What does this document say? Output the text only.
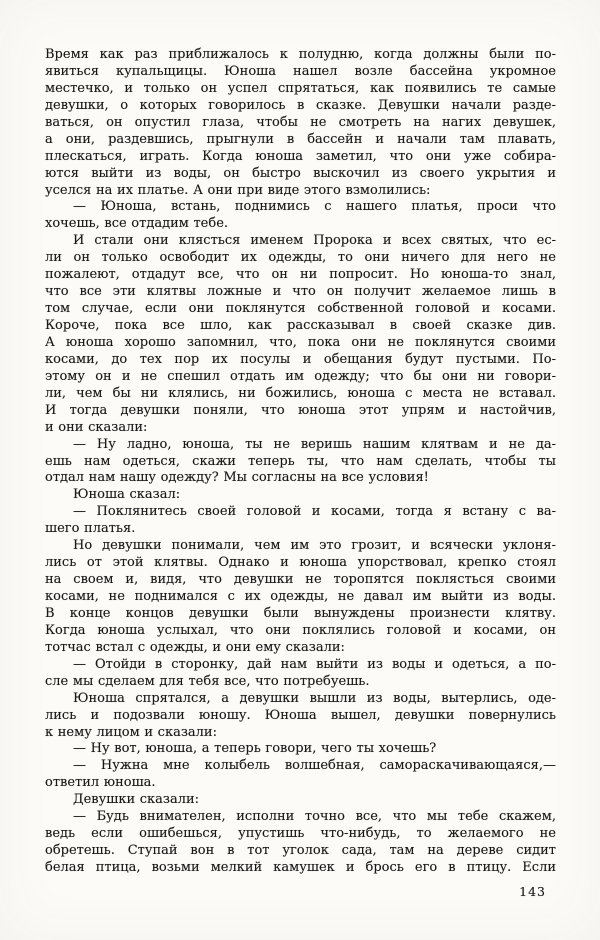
Время как раз приближалось к полудню, когда должны были по-
явиться купальщицы. Юноша нашел возле бассейна укромное
местечко, и только он успел спрятаться, как появились те самые
девушки, о которых говорилось в сказке. Девушки начали разде-
ваться, он опустил глаза, чтобы не смотреть на нагих девушек,
а они, раздевшись, прыгнули в бассейн и начали там плавать,
плескаться, играть. Когда юноша заметил, что они уже собира-
ются выйти из воды, он быстро выскочил из своего укрытия и
уселся на их платье. А они при виде этого взмолились:
— Юноша, встань, поднимись с нашего платья, проси что
хочешь, все отдадим тебе.
И стали они клясться именем Пророка и всех святых, что ес-
ли он только освободит их одежды, то они ничего для него не
пожалеют, отдадут все, что он ни попросит. Но юноша-то знал,
что все эти клятвы ложные и что он получит желаемое лишь в
том случае, если они поклянутся собственной головой и косами.
Короче, пока все шло, как рассказывал в своей сказке див.
А юноша хорошо запомнил, что, пока они не поклянутся своими
косами, до тех пор их посулы и обещания будут пустыми. По-
этому он и не спешил отдать им одежду; что бы они ни говори-
ли, чем бы ни клялись, ни божились, юноша с места не вставал.
И тогда девушки поняли, что юноша этот упрям и настойчив,
и они сказали:
— Ну ладно, юноша, ты не веришь нашим клятвам и не да-
ешь нам одеться, скажи теперь ты, что нам сделать, чтобы ты
отдал нам нашу одежду? Мы согласны на все условия!
Юноша сказал:
— Поклянитесь своей головой и косами, тогда я встану с ва-
шего платья.
Но девушки понимали, чем им это грозит, и всячески уклоня-
лись от этой клятвы. Однако и юноша упорствовал, крепко стоял
на своем и, видя, что девушки не торопятся поклясться своими
косами, не поднимался с их одежды, не давал им выйти из воды.
В конце концов девушки были вынуждены произнести клятву.
Когда юноша услыхал, что они поклялись головой и косами, он
тотчас встал с одежды, и они ему сказали:
— Отойди в сторонку, дай нам выйти из воды и одеться, а по-
сле мы сделаем для тебя все, что потребуешь.
Юноша спрятался, а девушки вышли из воды, вытерлись, оде-
лись и подозвали юношу. Юноша вышел, девушки повернулись
к нему лицом и сказали:
— Ну вот, юноша, а теперь говори, чего ты хочешь?
— Нужна мне колыбель волшебная, самораскачивающаяся,—
ответил юноша.
Девушки сказали:
— Будь внимателен, исполни точно все, что мы тебе скажем,
ведь если ошибешься, упустишь что-нибудь, то желаемого не
обретешь. Ступай вон в тот уголок сада, там на дереве сидит
белая птица, возьми мелкий камушек и брось его в птицу. Если
143
